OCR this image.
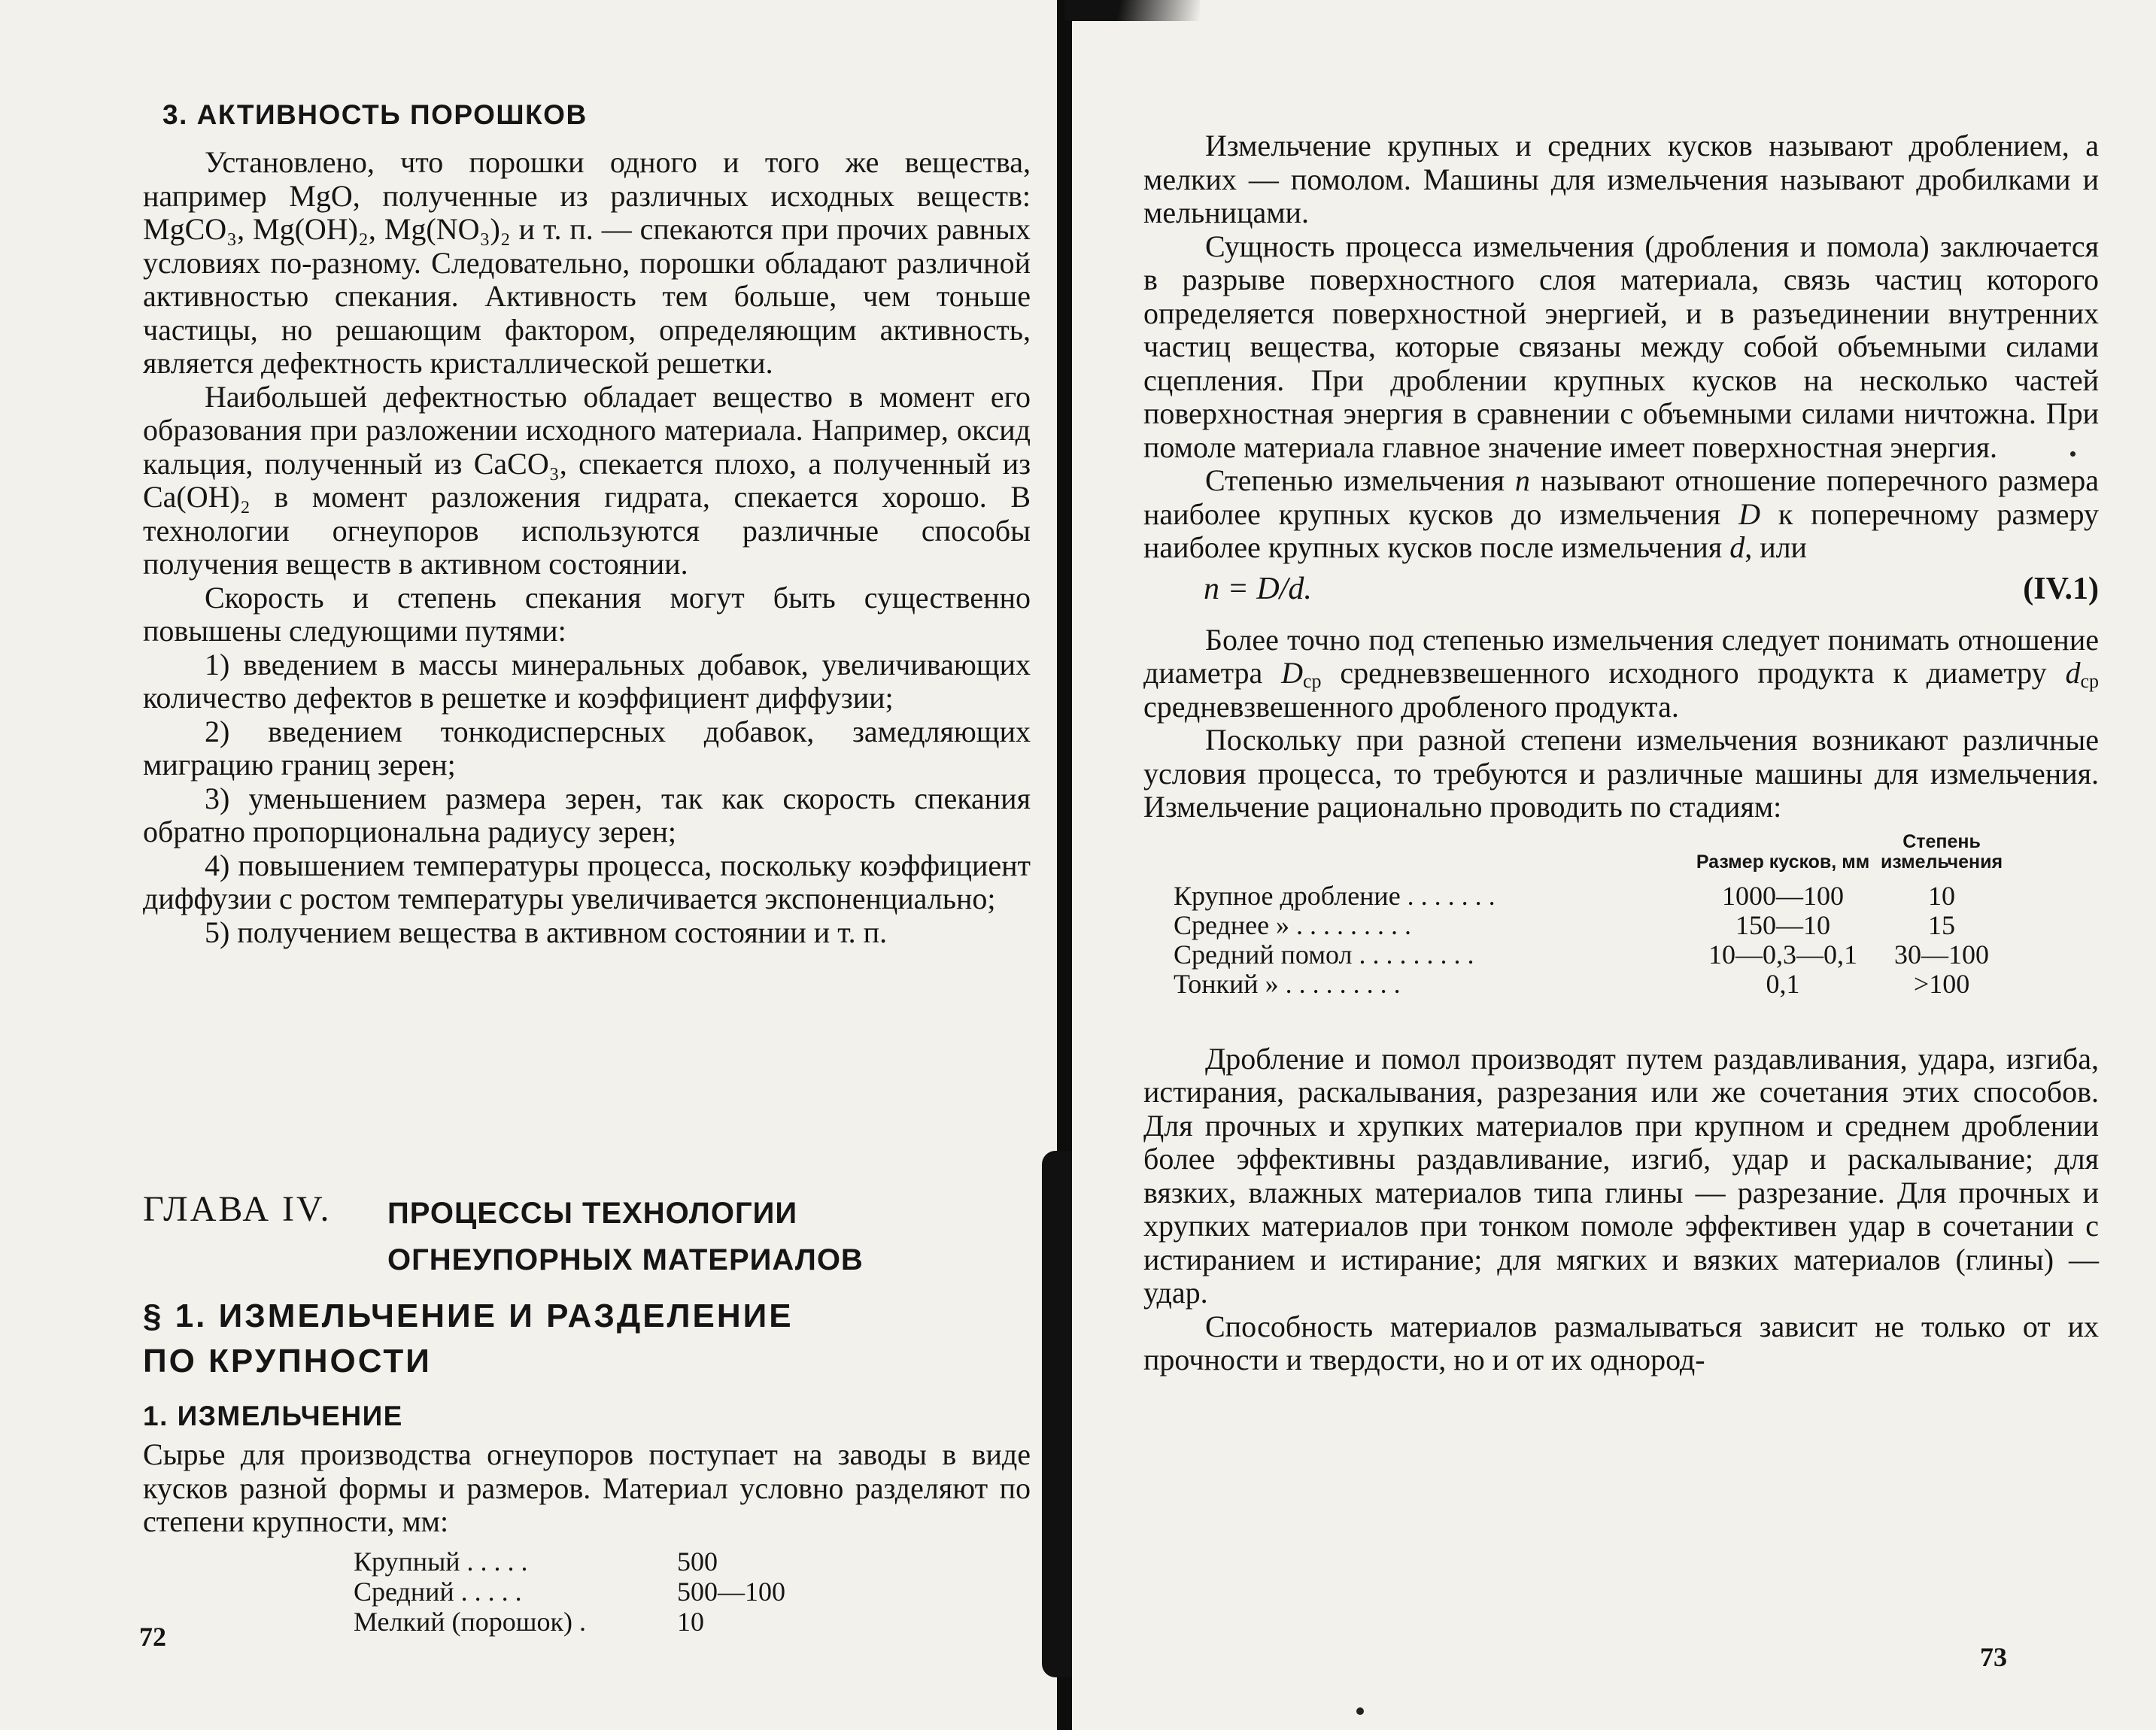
3. АКТИВНОСТЬ ПОРОШКОВ

Установлено, что порошки одного и того же вещества, например MgO, полученные из различных исходных веществ: MgCO₃, Mg(OH)₂, Mg(NO₃)₂ и т. п. — спекаются при прочих равных условиях по-разному. Следовательно, порошки обладают различной активностью спекания. Активность тем больше, чем тоньше частицы, но решающим фактором, определяющим активность, является дефектность кристаллической решетки.

Наибольшей дефектностью обладает вещество в момент его образования при разложении исходного материала. Например, оксид кальция, полученный из CaCO₃, спекается плохо, а полученный из Ca(OH)₂ в момент разложения гидрата, спекается хорошо. В технологии огнеупоров используются различные способы получения веществ в активном состоянии.

Скорость и степень спекания могут быть существенно повышены следующими путями:

1) введением в массы минеральных добавок, увеличивающих количество дефектов в решетке и коэффициент диффузии;

2) введением тонкодисперсных добавок, замедляющих миграцию границ зерен;

3) уменьшением размера зерен, так как скорость спекания обратно пропорциональна радиусу зерен;

4) повышением температуры процесса, поскольку коэффициент диффузии с ростом температуры увеличивается экспоненциально;

5) получением вещества в активном состоянии и т. п.

ГЛАВА IV. ПРОЦЕССЫ ТЕХНОЛОГИИ
ОГНЕУПОРНЫХ МАТЕРИАЛОВ
§ 1. ИЗМЕЛЬЧЕНИЕ И РАЗДЕЛЕНИЕ
ПО КРУПНОСТИ
1. ИЗМЕЛЬЧЕНИЕ

Сырье для производства огнеупоров поступает на заводы в виде кусков разной формы и размеров. Материал условно разделяют по степени крупности, мм:

Крупный . . . . .	500
Средний . . . . .	500—100
Мелкий (порошок) .	10
72

Измельчение крупных и средних кусков называют дроблением, а мелких — помолом. Машины для измельчения называют дробилками и мельницами.

Сущность процесса измельчения (дробления и помола) заключается в разрыве поверхностного слоя материала, связь частиц которого определяется поверхностной энергией, и в разъединении внутренних частиц вещества, которые связаны между собой объемными силами сцепления. При дроблении крупных кусков на несколько частей поверхностная энергия в сравнении с объемными силами ничтожна. При помоле материала главное значение имеет поверхностная энергия.

Степенью измельчения n называют отношение поперечного размера наиболее крупных кусков до измельчения D к поперечному размеру наиболее крупных кусков после измельчения d, или

n = D/d.	(IV.1)

Более точно под степенью измельчения следует понимать отношение диаметра $D_{ср}$ средневзвешенного исходного продукта к диаметру $d_{ср}$ средневзвешенного дробленого продукта.

Поскольку при разной степени измельчения возникают различные условия процесса, то требуются и различные машины для измельчения. Измельчение рационально проводить по стадиям:

	Размер кусков, мм	Степень измельчения
Крупное дробление . . . . . . .	1000—100	10
Среднее » . . . . . . . . .	150—10	15
Средний помол . . . . . . . . .	10—0,3—0,1	30—100
Тонкий » . . . . . . . . .	0,1	>100

Дробление и помол производят путем раздавливания, удара, изгиба, истирания, раскалывания, разрезания или же сочетания этих способов. Для прочных и хрупких материалов при крупном и среднем дроблении более эффективны раздавливание, изгиб, удар и раскалывание; для вязких, влажных материалов типа глины — разрезание. Для прочных и хрупких материалов при тонком помоле эффективен удар в сочетании с истиранием и истирание; для мягких и вязких материалов (глины) — удар.

Способность материалов размалываться зависит не только от их прочности и твердости, но и от их однород-

73
